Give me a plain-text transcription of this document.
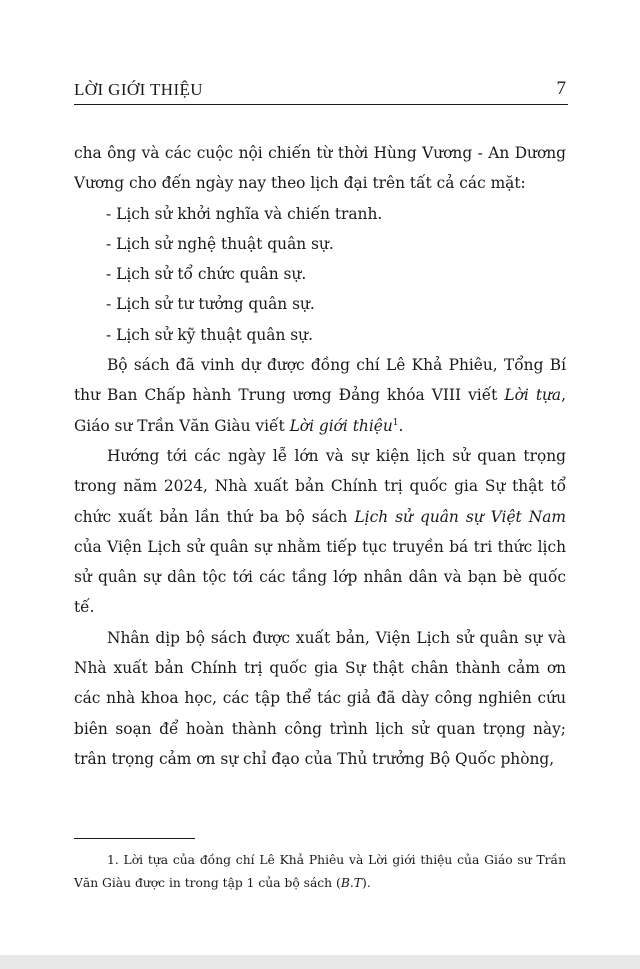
LỜI GIỚI THIỆU	7

cha ông và các cuộc nội chiến từ thời Hùng Vương - An Dương Vương cho đến ngày nay theo lịch đại trên tất cả các mặt:

- Lịch sử khởi nghĩa và chiến tranh.

- Lịch sử nghệ thuật quân sự.

- Lịch sử tổ chức quân sự.

- Lịch sử tư tưởng quân sự.

- Lịch sử kỹ thuật quân sự.

Bộ sách đã vinh dự được đồng chí Lê Khả Phiêu, Tổng Bí thư Ban Chấp hành Trung ương Đảng khóa VIII viết Lời tựa, Giáo sư Trần Văn Giàu viết Lời giới thiệu$^1$.

Hướng tới các ngày lễ lớn và sự kiện lịch sử quan trọng trong năm 2024, Nhà xuất bản Chính trị quốc gia Sự thật tổ chức xuất bản lần thứ ba bộ sách Lịch sử quân sự Việt Nam của Viện Lịch sử quân sự nhằm tiếp tục truyền bá tri thức lịch sử quân sự dân tộc tới các tầng lớp nhân dân và bạn bè quốc tế.

Nhân dịp bộ sách được xuất bản, Viện Lịch sử quân sự và Nhà xuất bản Chính trị quốc gia Sự thật chân thành cảm ơn các nhà khoa học, các tập thể tác giả đã dày công nghiên cứu biên soạn để hoàn thành công trình lịch sử quan trọng này; trân trọng cảm ơn sự chỉ đạo của Thủ trưởng Bộ Quốc phòng,

1. Lời tựa của đồng chí Lê Khả Phiêu và Lời giới thiệu của Giáo sư Trần Văn Giàu được in trong tập 1 của bộ sách (B.T).
